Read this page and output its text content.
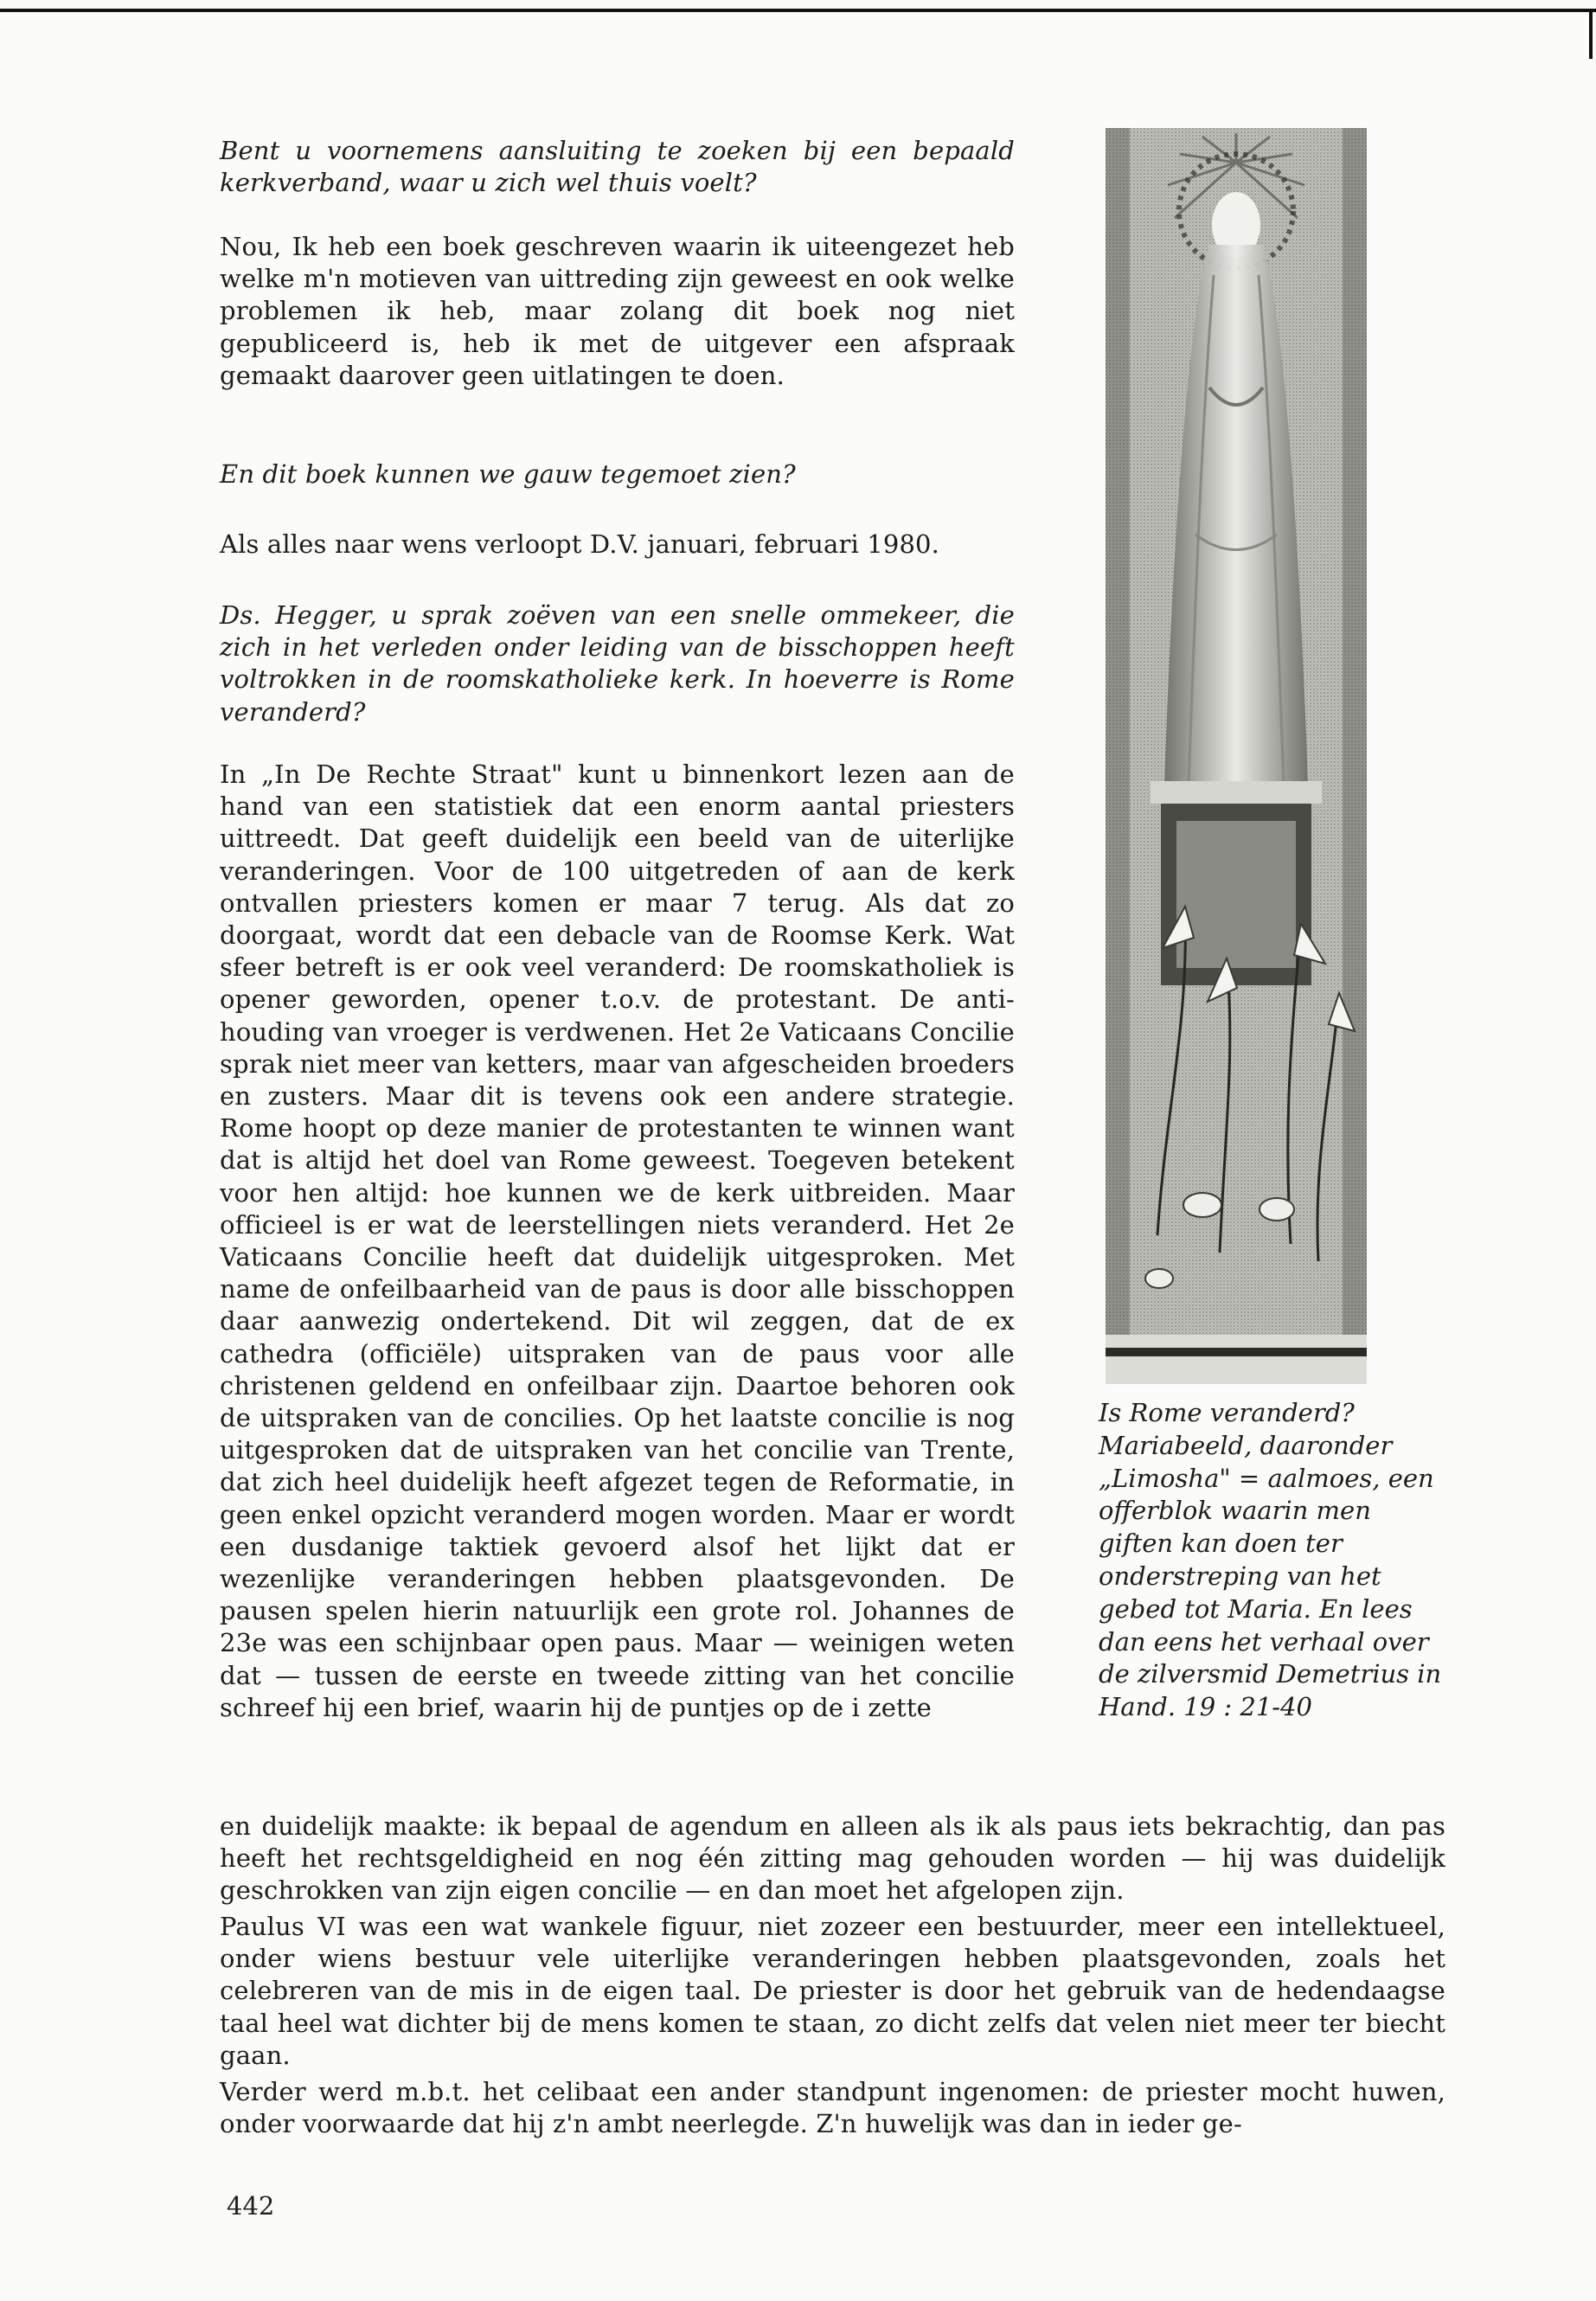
Bent u voornemens aansluiting te zoeken bij een bepaald kerkverband, waar u zich wel thuis voelt?

Nou, Ik heb een boek geschreven waarin ik uiteengezet heb welke m'n motieven van uittreding zijn geweest en ook welke problemen ik heb, maar zolang dit boek nog niet gepubliceerd is, heb ik met de uitgever een afspraak gemaakt daarover geen uitlatingen te doen.

En dit boek kunnen we gauw tegemoet zien?

Als alles naar wens verloopt D.V. januari, februari 1980.

Ds. Hegger, u sprak zoëven van een snelle ommekeer, die zich in het verleden onder leiding van de bisschoppen heeft voltrokken in de roomskatholieke kerk. In hoeverre is Rome veranderd?

In „In De Rechte Straat" kunt u binnenkort lezen aan de hand van een statistiek dat een enorm aantal priesters uittreedt. Dat geeft duidelijk een beeld van de uiterlijke veranderingen. Voor de 100 uitgetreden of aan de kerk ontvallen priesters komen er maar 7 terug. Als dat zo doorgaat, wordt dat een debacle van de Roomse Kerk. Wat sfeer betreft is er ook veel veranderd: De roomskatholiek is opener geworden, opener t.o.v. de protestant. De anti-houding van vroeger is verdwenen. Het 2e Vaticaans Concilie sprak niet meer van ketters, maar van afgescheiden broeders en zusters. Maar dit is tevens ook een andere strategie. Rome hoopt op deze manier de protestanten te winnen want dat is altijd het doel van Rome geweest. Toegeven betekent voor hen altijd: hoe kunnen we de kerk uitbreiden. Maar officieel is er wat de leerstellingen niets veranderd. Het 2e Vaticaans Concilie heeft dat duidelijk uitgesproken. Met name de onfeilbaarheid van de paus is door alle bisschoppen daar aanwezig ondertekend. Dit wil zeggen, dat de ex cathedra (officiële) uitspraken van de paus voor alle christenen geldend en onfeilbaar zijn. Daartoe behoren ook de uitspraken van de concilies. Op het laatste concilie is nog uitgesproken dat de uitspraken van het concilie van Trente, dat zich heel duidelijk heeft afgezet tegen de Reformatie, in geen enkel opzicht veranderd mogen worden. Maar er wordt een dusdanige taktiek gevoerd alsof het lijkt dat er wezenlijke veranderingen hebben plaatsgevonden. De pausen spelen hierin natuurlijk een grote rol. Johannes de 23e was een schijnbaar open paus. Maar — weinigen weten dat — tussen de eerste en tweede zitting van het concilie schreef hij een brief, waarin hij de puntjes op de i zette

en duidelijk maakte: ik bepaal de agendum en alleen als ik als paus iets bekrachtig, dan pas heeft het rechtsgeldigheid en nog één zitting mag gehouden worden — hij was duidelijk geschrokken van zijn eigen concilie — en dan moet het afgelopen zijn.

Paulus VI was een wat wankele figuur, niet zozeer een bestuurder, meer een intellektueel, onder wiens bestuur vele uiterlijke veranderingen hebben plaatsgevonden, zoals het celebreren van de mis in de eigen taal. De priester is door het gebruik van de hedendaagse taal heel wat dichter bij de mens komen te staan, zo dicht zelfs dat velen niet meer ter biecht gaan.

Verder werd m.b.t. het celibaat een ander standpunt ingenomen: de priester mocht huwen, onder voorwaarde dat hij z'n ambt neerlegde. Z'n huwelijk was dan in ieder ge-

Is Rome veranderd? Mariabeeld, daaronder „Limosha" = aalmoes, een offerblok waarin men giften kan doen ter onderstreping van het gebed tot Maria. En lees dan eens het verhaal over de zilversmid Demetrius in Hand. 19 : 21-40

442
